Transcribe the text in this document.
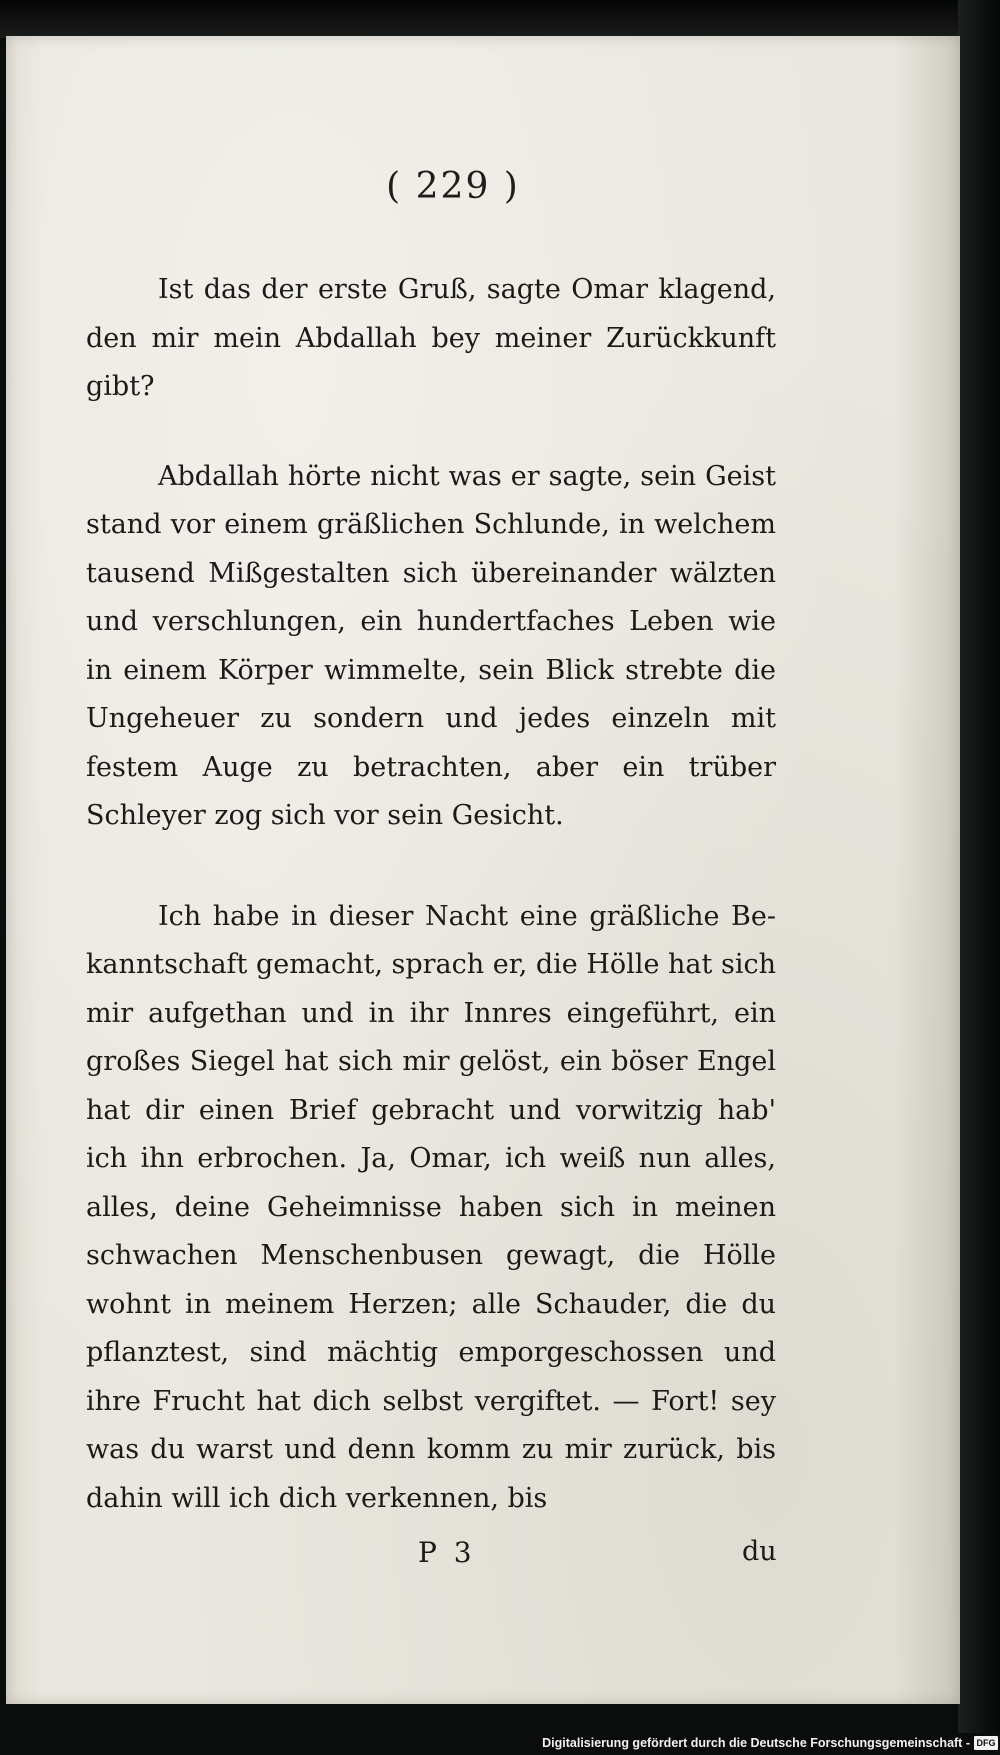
( 229 )

Ist das der erste Gruß, sagte Omar klagend, den mir mein Abdallah bey meiner Zurückkunft gibt?

Abdallah hörte nicht was er sagte, sein Geist stand vor einem gräßlichen Schlunde, in welchem tausend Mißgestalten sich übereinander wälzten und verschlungen, ein hundertfaches Leben wie in einem Körper wimmelte, sein Blick strebte die Ungeheuer zu sondern und jedes einzeln mit festem Auge zu betrachten, aber ein trüber Schleyer zog sich vor sein Gesicht.

Ich habe in dieser Nacht eine gräßliche Bekanntschaft gemacht, sprach er, die Hölle hat sich mir aufgethan und in ihr Innres eingeführt, ein großes Siegel hat sich mir gelöst, ein böser Engel hat dir einen Brief gebracht und vorwitzig hab' ich ihn erbrochen. Ja, Omar, ich weiß nun alles, alles, deine Geheimnisse haben sich in meinen schwachen Menschenbusen gewagt, die Hölle wohnt in meinem Herzen; alle Schauder, die du pflanztest, sind mächtig emporgeschossen und ihre Frucht hat dich selbst vergiftet. — Fort! sey was du warst und denn komm zu mir zurück, bis dahin will ich dich verkennen, bis

P 3	du
Digitalisierung gefördert durch die Deutsche Forschungsgemeinschaft - DFG
